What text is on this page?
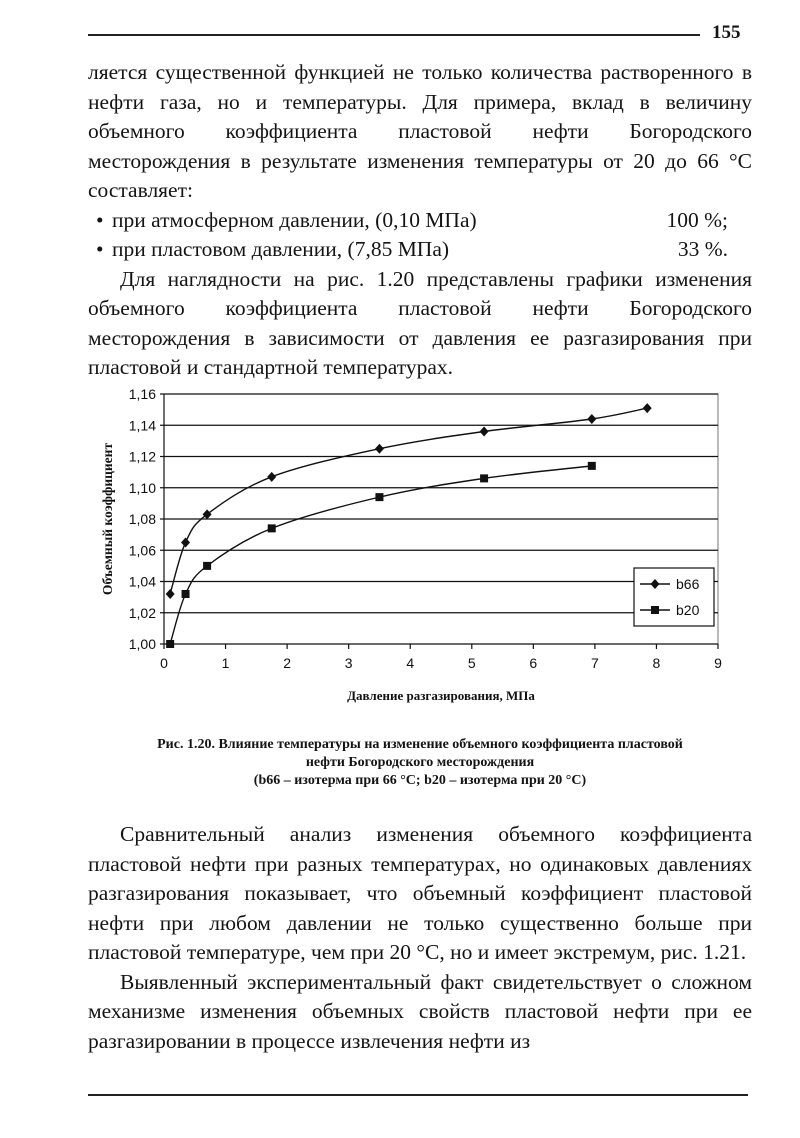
155

ляется существенной функцией не только количества растворенного в нефти газа, но и температуры. Для примера, вклад в величину объемного коэффициента пластовой нефти Богородского месторождения в результате изменения температуры от 20 до 66 °С составляет:

• при атмосферном давлении, (0,10 МПа)	100 %;
• при пластовом давлении, (7,85 МПа)	33 %.

Для наглядности на рис. 1.20 представлены графики изменения объемного коэффициента пластовой нефти Богородского месторождения в зависимости от давления ее разгазирования при пластовой и стандартной температурах.

1,00
1,02
1,04
1,06
1,08
1,10
1,12
1,14
1,16
0	1	2	3	4	5	6	7	8	9
Давление разгазирования, МПа
Объемный коэффициент	b66
b20
Рис. 1.20. Влияние температуры на изменение объемного коэффициента пластовой
нефти Богородского месторождения
(b66 – изотерма при 66 °С; b20 – изотерма при 20 °С)

Сравнительный анализ изменения объемного коэффициента пластовой нефти при разных температурах, но одинаковых давлениях разгазирования показывает, что объемный коэффициент пластовой нефти при любом давлении не только существенно больше при пластовой температуре, чем при 20 °С, но и имеет экстремум, рис. 1.21.

Выявленный экспериментальный факт свидетельствует о сложном механизме изменения объемных свойств пластовой нефти при ее разгазировании в процессе извлечения нефти из
